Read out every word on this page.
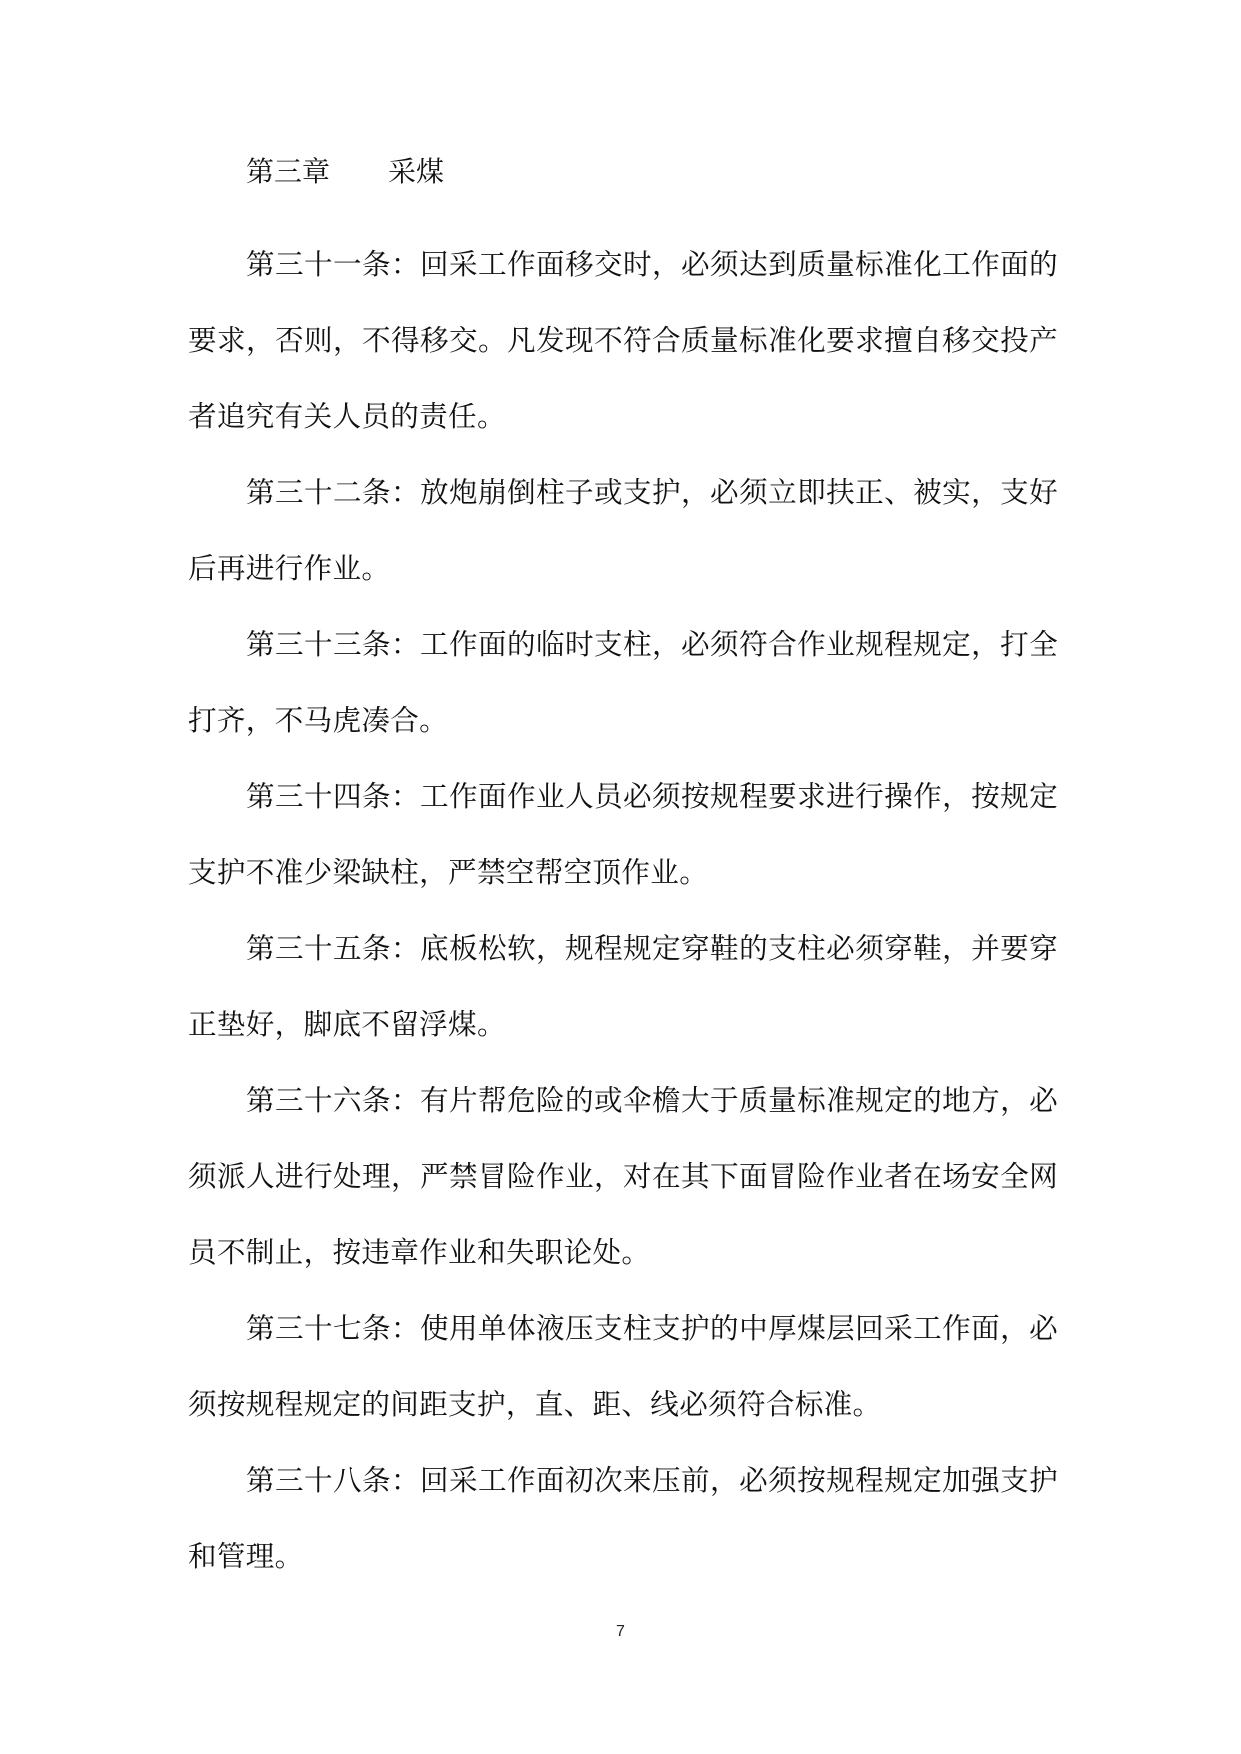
第三章 采煤

第三十一条：回采工作面移交时，必须达到质量标准化工作面的要求，否则，不得移交。凡发现不符合质量标准化要求擅自移交投产者追究有关人员的责任。

第三十二条：放炮崩倒柱子或支护，必须立即扶正、被实，支好后再进行作业。

第三十三条：工作面的临时支柱，必须符合作业规程规定，打全打齐，不马虎凑合。

第三十四条：工作面作业人员必须按规程要求进行操作，按规定支护不准少梁缺柱，严禁空帮空顶作业。

第三十五条：底板松软，规程规定穿鞋的支柱必须穿鞋，并要穿正垫好，脚底不留浮煤。

第三十六条：有片帮危险的或伞檐大于质量标准规定的地方，必须派人进行处理，严禁冒险作业，对在其下面冒险作业者在场安全网员不制止，按违章作业和失职论处。

第三十七条：使用单体液压支柱支护的中厚煤层回采工作面，必须按规程规定的间距支护，直、距、线必须符合标准。

第三十八条：回采工作面初次来压前，必须按规程规定加强支护和管理。

7
